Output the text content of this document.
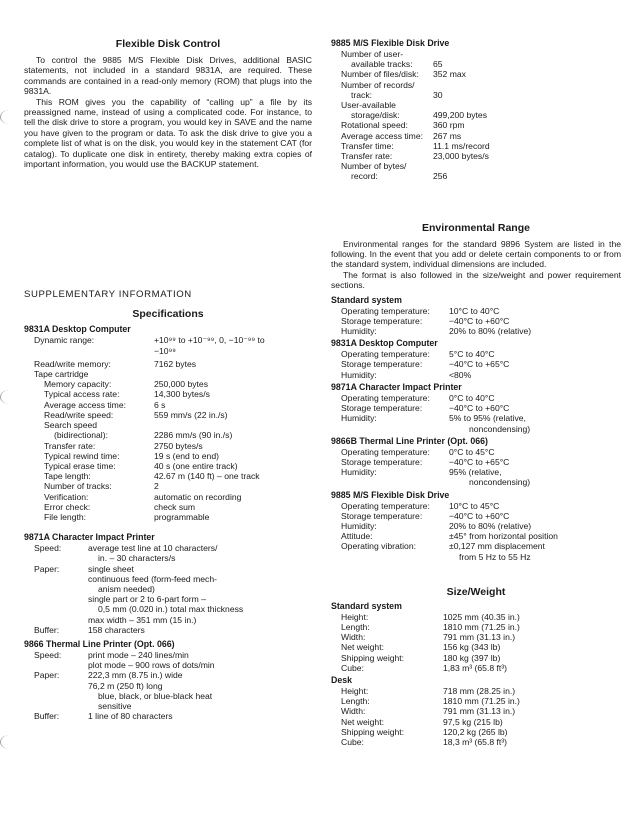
Flexible Disk Control

To control the 9885 M/S Flexible Disk Drives, additional BASIC statements, not included in a standard 9831A, are required. These commands are contained in a read-only memory (ROM) that plugs into the 9831A.

This ROM gives you the capability of “calling up” a file by its preassigned name, instead of using a complicated code. For instance, to tell the disk drive to store a program, you would key in SAVE and the name you have given to the program or data. To ask the disk drive to give you a complete list of what is on the disk, you would key in the statement CAT (for catalog). To duplicate one disk in entirety, thereby making extra copies of important information, you would use the BACKUP statement.

SUPPLEMENTARY INFORMATION
Specifications
9831A Desktop Computer
Dynamic range:	+10⁹⁹ to +10⁻⁹⁹, 0, −10⁻⁹⁹ to
−10⁹⁹
Read/write memory:	7162 bytes
Tape cartridge
Memory capacity:	250,000 bytes
Typical access rate:	14,300 bytes/s
Average access time:	6 s
Read/write speed:	559 mm/s (22 in./s)
Search speed
(bidirectional):	2286 mm/s (90 in./s)
Transfer rate:	2750 bytes/s
Typical rewind time:	19 s (end to end)
Typical erase time:	40 s (one entire track)
Tape length:	42.67 m (140 ft) – one track
Number of tracks:	2
Verification:	automatic on recording
Error check:	check sum
File length:	programmable
9871A Character Impact Printer
Speed:	average test line at 10 characters/
in. – 30 characters/s
Paper:	single sheet
continuous feed (form-feed mech-
anism needed)
single part or 2 to 6-part form –
0,5 mm (0.020 in.) total max thickness
max width – 351 mm (15 in.)
Buffer:	158 characters
9866 Thermal Line Printer (Opt. 066)
Speed:	print mode – 240 lines/min
plot mode – 900 rows of dots/min
Paper:	222,3 mm (8.75 in.) wide
76,2 m (250 ft) long
blue, black, or blue-black heat
sensitive
Buffer:	1 line of 80 characters
9885 M/S Flexible Disk Drive
Number of user-
available tracks:	65
Number of files/disk:	352 max
Number of records/
track:	30
User-available
storage/disk:	499,200 bytes
Rotational speed:	360 rpm
Average access time:	267 ms
Transfer time:	11.1 ms/record
Transfer rate:	23,000 bytes/s
Number of bytes/
record:	256
Environmental Range

Environmental ranges for the standard 9896 System are listed in the following. In the event that you add or delete certain components to or from the standard system, individual dimensions are included.

The format is also followed in the size/weight and power requirement sections.

Standard system
Operating temperature:	10°C to 40°C
Storage temperature:	−40°C to +60°C
Humidity:	20% to 80% (relative)
9831A Desktop Computer
Operating temperature:	5°C to 40°C
Storage temperature:	−40°C to +65°C
Humidity:	<80%
9871A Character Impact Printer
Operating temperature:	0°C to 40°C
Storage temperature:	−40°C to +60°C
Humidity:	5% to 95% (relative,
noncondensing)
9866B Thermal Line Printer (Opt. 066)
Operating temperature:	0°C to 45°C
Storage temperature:	−40°C to +65°C
Humidity:	95% (relative,
noncondensing)
9885 M/S Flexible Disk Drive
Operating temperature:	10°C to 45°C
Storage temperature:	−40°C to +60°C
Humidity:	20% to 80% (relative)
Attitude:	±45° from horizontal position
Operating vibration:	±0,127 mm displacement
from 5 Hz to 55 Hz
Size/Weight
Standard system
Height:	1025 mm (40.35 in.)
Length:	1810 mm (71.25 in.)
Width:	791 mm (31.13 in.)
Net weight:	156 kg (343 lb)
Shipping weight:	180 kg (397 lb)
Cube:	1,83 m³ (65.8 ft³)
Desk
Height:	718 mm (28.25 in.)
Length:	1810 mm (71.25 in.)
Width:	791 mm (31.13 in.)
Net weight:	97,5 kg (215 lb)
Shipping weight:	120,2 kg (265 lb)
Cube:	18,3 m³ (65.8 ft³)
